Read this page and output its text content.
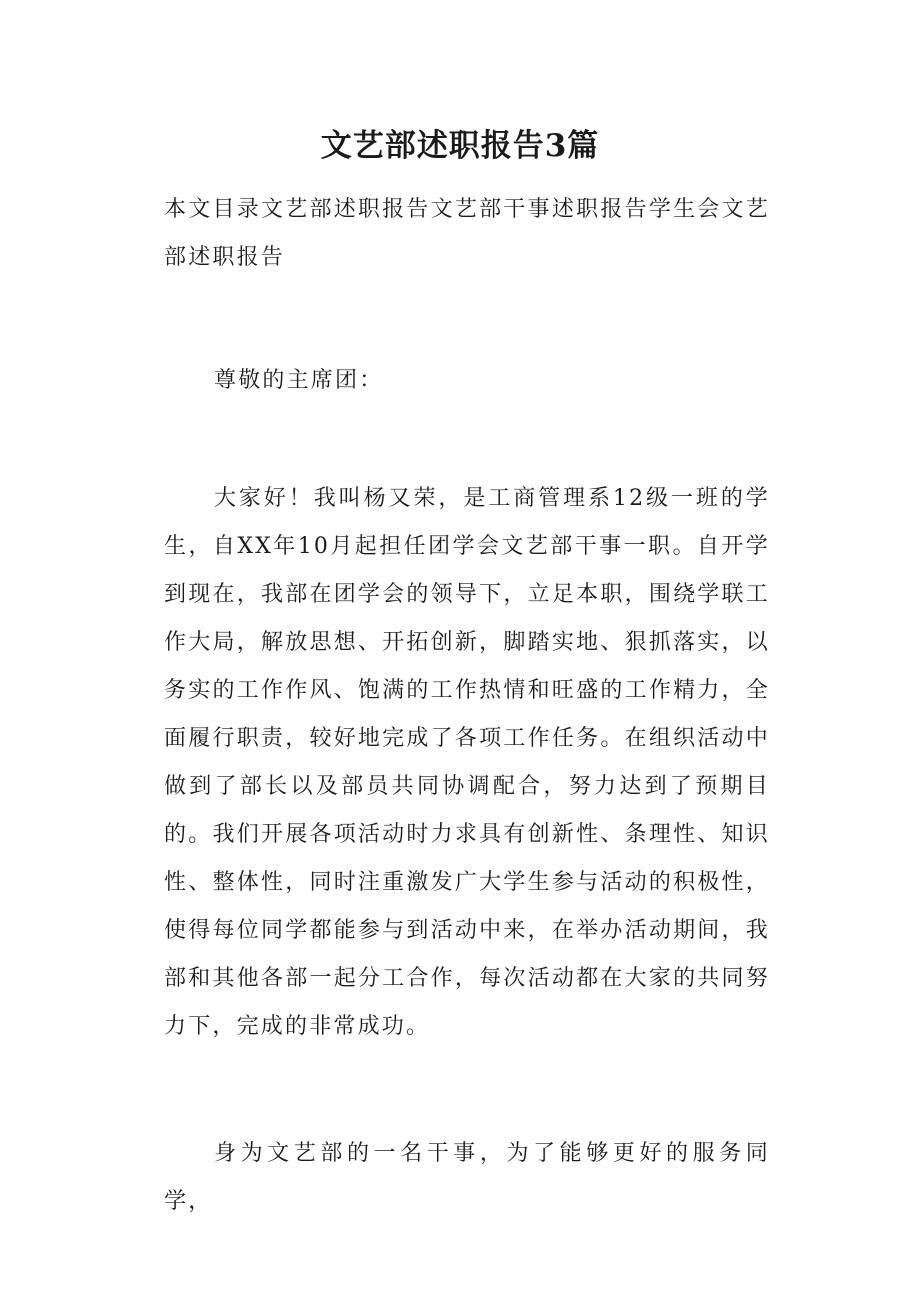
文艺部述职报告3篇
本文目录文艺部述职报告文艺部干事述职报告学生会文艺部述职报告
尊敬的主席团：
大家好！我叫杨又荣，是工商管理系12级一班的学生，自XX年10月起担任团学会文艺部干事一职。自开学到现在，我部在团学会的领导下，立足本职，围绕学联工作大局，解放思想、开拓创新，脚踏实地、狠抓落实，以务实的工作作风、饱满的工作热情和旺盛的工作精力，全面履行职责，较好地完成了各项工作任务。在组织活动中做到了部长以及部员共同协调配合，努力达到了预期目的。我们开展各项活动时力求具有创新性、条理性、知识性、整体性，同时注重激发广大学生参与活动的积极性，使得每位同学都能参与到活动中来，在举办活动期间，我部和其他各部一起分工合作，每次活动都在大家的共同努力下，完成的非常成功。
身为文艺部的一名干事，为了能够更好的服务同学，
